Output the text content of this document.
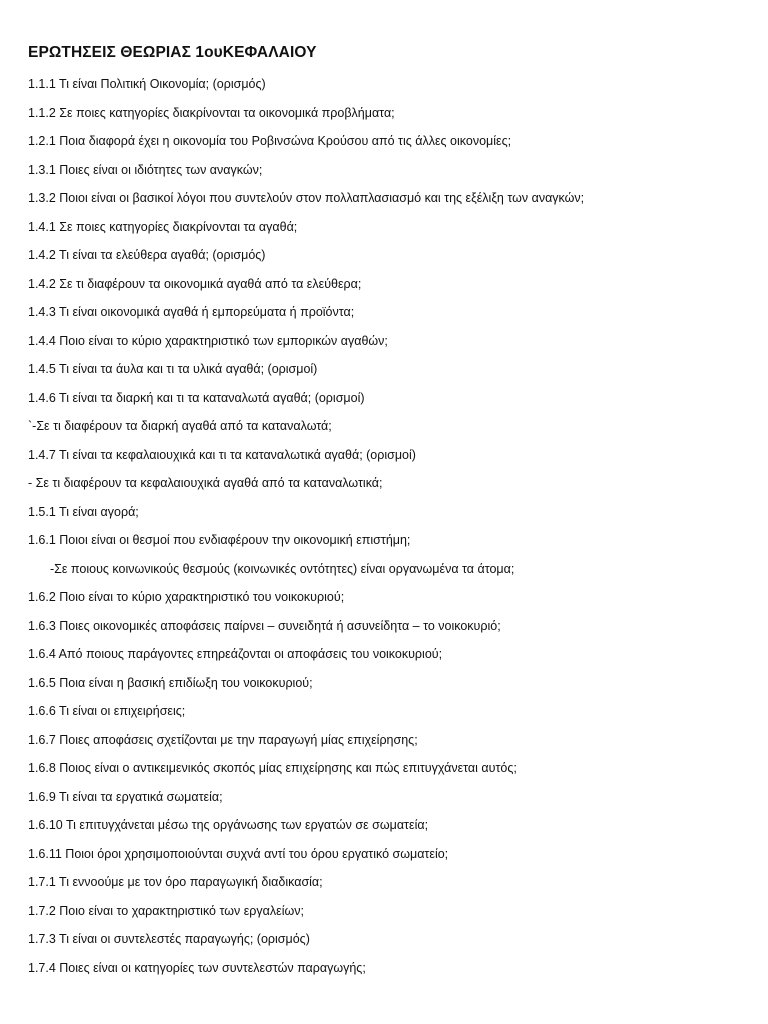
ΕΡΩΤΗΣΕΙΣ ΘΕΩΡΙΑΣ 1ουΚΕΦΑΛΑΙΟΥ
1.1.1 Τι είναι Πολιτική Οικονομία; (ορισμός)
1.1.2 Σε ποιες κατηγορίες διακρίνονται τα οικονομικά προβλήματα;
1.2.1 Ποια διαφορά έχει η οικονομία του Ροβινσώνα Κρούσου από τις άλλες οικονομίες;
1.3.1 Ποιες είναι οι ιδιότητες των αναγκών;
1.3.2 Ποιοι είναι οι βασικοί λόγοι που συντελούν στον πολλαπλασιασμό και της εξέλιξη των αναγκών;
1.4.1 Σε ποιες κατηγορίες διακρίνονται τα αγαθά;
1.4.2 Τι είναι τα ελεύθερα αγαθά; (ορισμός)
1.4.2 Σε τι διαφέρουν τα οικονομικά αγαθά από τα ελεύθερα;
1.4.3 Τι είναι οικονομικά αγαθά ή εμπορεύματα ή προϊόντα;
1.4.4 Ποιο είναι το κύριο χαρακτηριστικό των εμπορικών αγαθών;
1.4.5 Τι είναι τα άυλα και τι τα υλικά αγαθά; (ορισμοί)
1.4.6 Τι είναι τα διαρκή και τι τα καταναλωτά αγαθά; (ορισμοί)
`-Σε τι διαφέρουν τα διαρκή αγαθά από τα καταναλωτά;
1.4.7 Τι είναι τα κεφαλαιουχικά και τι τα καταναλωτικά αγαθά; (ορισμοί)
- Σε τι διαφέρουν τα κεφαλαιουχικά αγαθά από τα καταναλωτικά;
1.5.1 Τι είναι αγορά;
1.6.1 Ποιοι είναι οι θεσμοί που ενδιαφέρουν την οικονομική επιστήμη;
-Σε ποιους κοινωνικούς θεσμούς (κοινωνικές οντότητες) είναι οργανωμένα τα άτομα;
1.6.2 Ποιο είναι το κύριο χαρακτηριστικό του νοικοκυριού;
1.6.3 Ποιες οικονομικές αποφάσεις παίρνει – συνειδητά ή ασυνείδητα – το νοικοκυριό;
1.6.4 Από ποιους παράγοντες επηρεάζονται οι αποφάσεις του νοικοκυριού;
1.6.5 Ποια είναι η βασική επιδίωξη του νοικοκυριού;
1.6.6 Τι είναι οι επιχειρήσεις;
1.6.7 Ποιες αποφάσεις σχετίζονται με την παραγωγή μίας επιχείρησης;
1.6.8 Ποιος είναι ο αντικειμενικός σκοπός μίας επιχείρησης και πώς επιτυγχάνεται αυτός;
1.6.9 Τι είναι τα εργατικά σωματεία;
1.6.10 Τι επιτυγχάνεται μέσω της οργάνωσης των εργατών σε σωματεία;
1.6.11 Ποιοι όροι χρησιμοποιούνται συχνά αντί του όρου εργατικό σωματείο;
1.7.1 Τι εννοούμε με τον όρο παραγωγική διαδικασία;
1.7.2 Ποιο είναι το χαρακτηριστικό των εργαλείων;
1.7.3 Τι είναι οι συντελεστές παραγωγής; (ορισμός)
1.7.4 Ποιες είναι οι κατηγορίες των συντελεστών παραγωγής;
